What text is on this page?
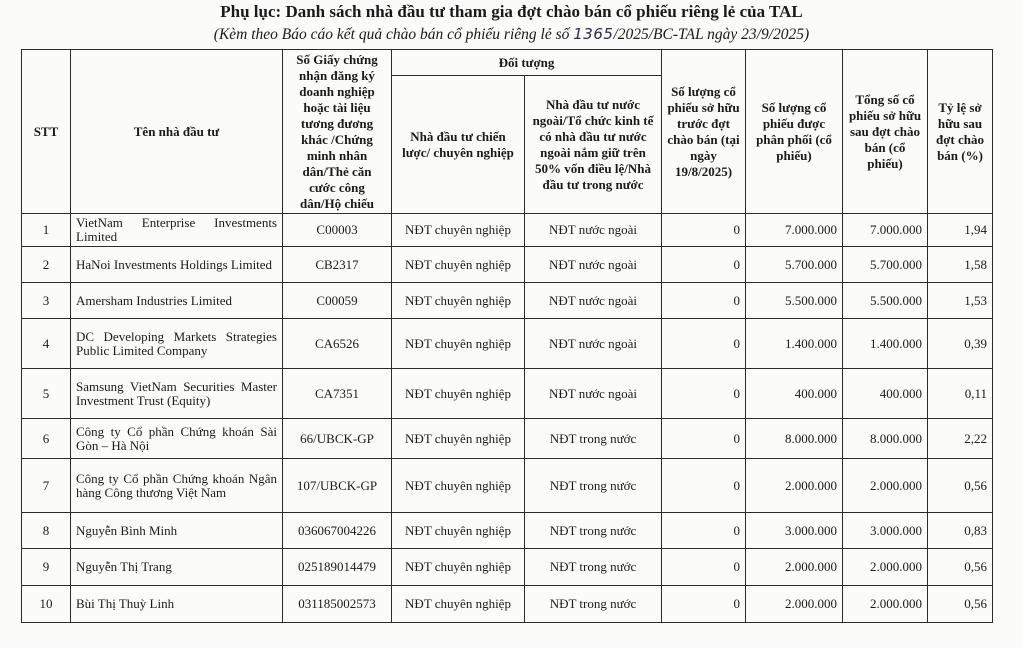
Phụ lục: Danh sách nhà đầu tư tham gia đợt chào bán cổ phiếu riêng lẻ của TAL
(Kèm theo Báo cáo kết quả chào bán cổ phiếu riêng lẻ số 1365/2025/BC-TAL ngày 23/9/2025)
STT	Tên nhà đầu tư	Số Giấy chứng nhận đăng ký doanh nghiệp hoặc tài liệu tương đương khác /Chứng minh nhân dân/Thẻ căn cước công dân/Hộ chiếu	Đối tượng		Số lượng cổ phiếu sở hữu trước đợt chào bán (tại ngày 19/8/2025)	Số lượng cổ phiếu được phân phối (cổ phiếu)	Tổng số cổ phiếu sở hữu sau đợt chào bán (cổ phiếu)	Tỷ lệ sở hữu sau đợt chào bán (%)
			Nhà đầu tư chiến lược/ chuyên nghiệp	Nhà đầu tư nước ngoài/Tổ chức kinh tế có nhà đầu tư nước ngoài nắm giữ trên 50% vốn điều lệ/Nhà đầu tư trong nước				
1	VietNam Enterprise Investments Limited	C00003	NĐT chuyên nghiệp	NĐT nước ngoài	0	7.000.000	7.000.000	1,94
2	HaNoi Investments Holdings Limited	CB2317	NĐT chuyên nghiệp	NĐT nước ngoài	0	5.700.000	5.700.000	1,58
3	Amersham Industries Limited	C00059	NĐT chuyên nghiệp	NĐT nước ngoài	0	5.500.000	5.500.000	1,53
4	DC Developing Markets Strategies Public Limited Company	CA6526	NĐT chuyên nghiệp	NĐT nước ngoài	0	1.400.000	1.400.000	0,39
5	Samsung VietNam Securities Master Investment Trust (Equity)	CA7351	NĐT chuyên nghiệp	NĐT nước ngoài	0	400.000	400.000	0,11
6	Công ty Cổ phần Chứng khoán Sài Gòn – Hà Nội	66/UBCK-GP	NĐT chuyên nghiệp	NĐT trong nước	0	8.000.000	8.000.000	2,22
7	Công ty Cổ phần Chứng khoán Ngân hàng Công thương Việt Nam	107/UBCK-GP	NĐT chuyên nghiệp	NĐT trong nước	0	2.000.000	2.000.000	0,56
8	Nguyễn Bình Minh	036067004226	NĐT chuyên nghiệp	NĐT trong nước	0	3.000.000	3.000.000	0,83
9	Nguyễn Thị Trang	025189014479	NĐT chuyên nghiệp	NĐT trong nước	0	2.000.000	2.000.000	0,56
10	Bùi Thị Thuỳ Linh	031185002573	NĐT chuyên nghiệp	NĐT trong nước	0	2.000.000	2.000.000	0,56
